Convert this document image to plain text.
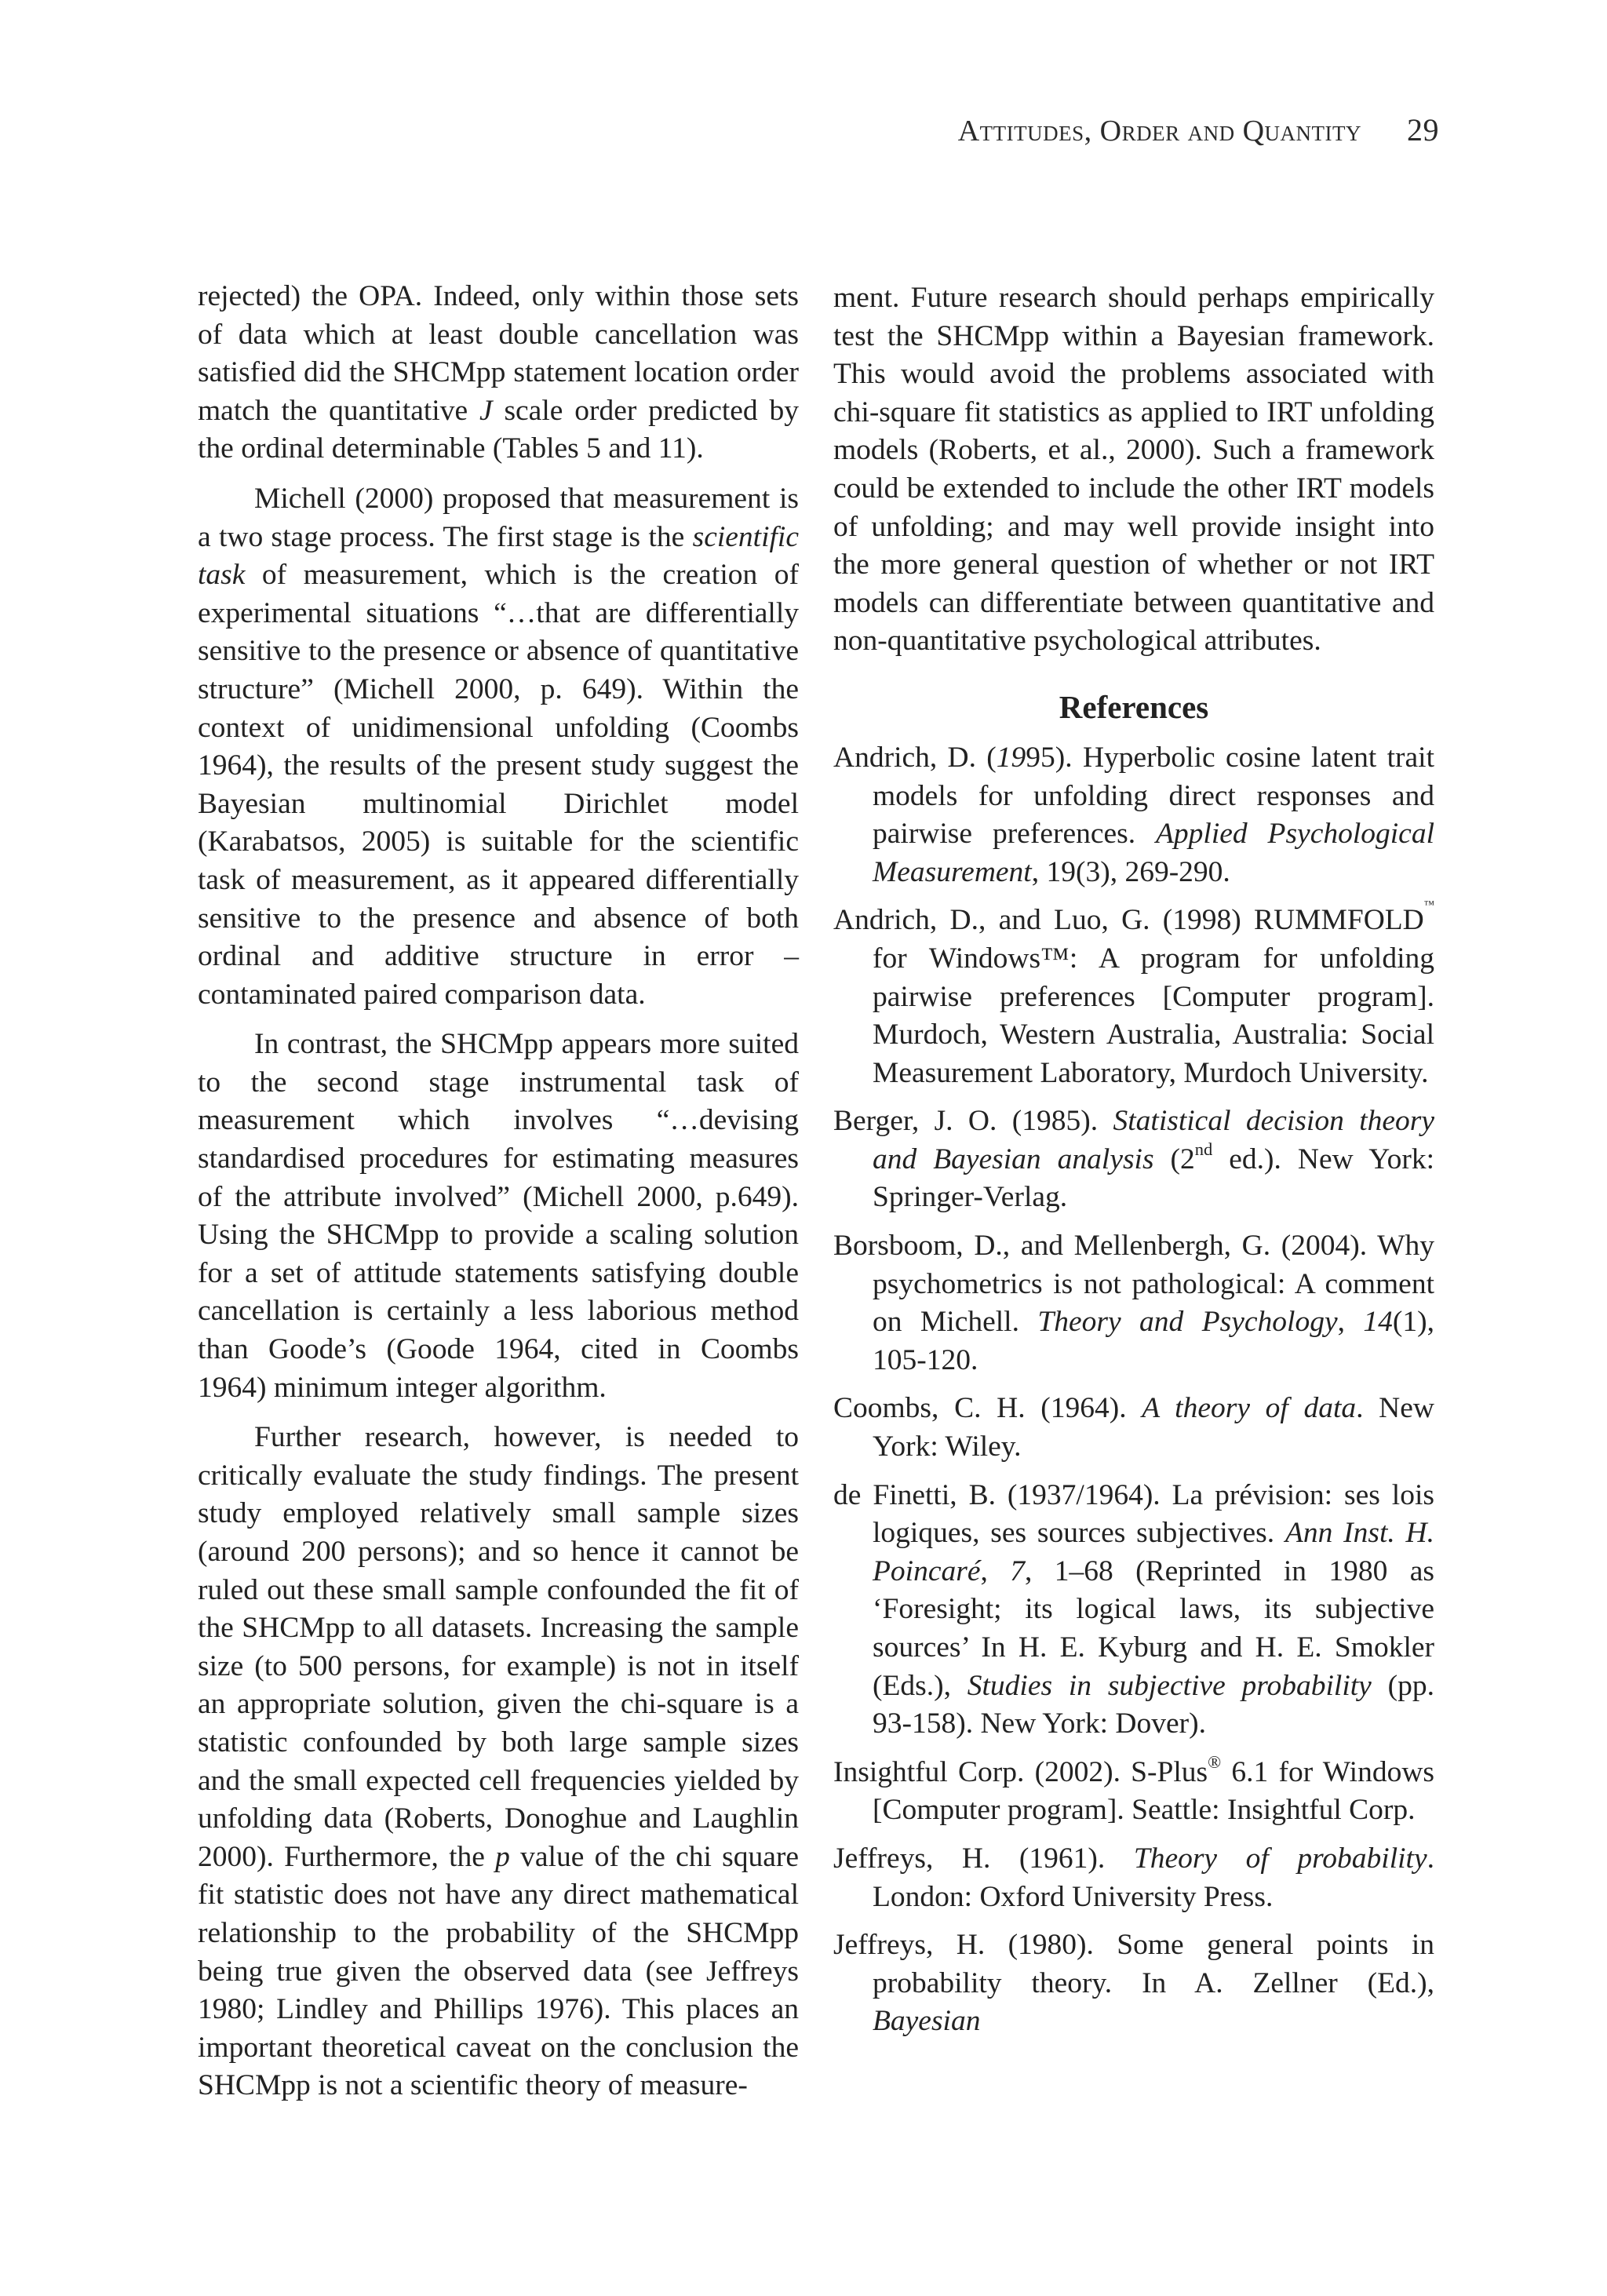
Attitudes, Order and Quantity 29

rejected) the OPA. Indeed, only within those sets of data which at least double cancellation was satisfied did the SHCMpp statement location order match the quantitative J scale order predicted by the ordinal determinable (Tables 5 and 11).

Michell (2000) proposed that measurement is a two stage process. The first stage is the scientific task of measurement, which is the creation of experimental situations “…that are differentially sensitive to the presence or absence of quantitative structure” (Michell 2000, p. 649). Within the context of unidimensional unfolding (Coombs 1964), the results of the present study suggest the Bayesian multinomial Dirichlet model (Karabatsos, 2005) is suitable for the scientific task of measurement, as it appeared differentially sensitive to the presence and absence of both ordinal and additive structure in error – contaminated paired comparison data.

In contrast, the SHCMpp appears more suited to the second stage instrumental task of measurement which involves “…devising standardised procedures for estimating measures of the attribute involved” (Michell 2000, p.649). Using the SHCMpp to provide a scaling solution for a set of attitude statements satisfying double cancellation is certainly a less laborious method than Goode’s (Goode 1964, cited in Coombs 1964) minimum integer algorithm.

Further research, however, is needed to critically evaluate the study findings. The present study employed relatively small sample sizes (around 200 persons); and so hence it cannot be ruled out these small sample confounded the fit of the SHCMpp to all datasets. Increasing the sample size (to 500 persons, for example) is not in itself an appropriate solution, given the chi-square is a statistic confounded by both large sample sizes and the small expected cell frequencies yielded by unfolding data (Roberts, Donoghue and Laughlin 2000). Furthermore, the p value of the chi square fit statistic does not have any direct mathematical relationship to the probability of the SHCMpp being true given the observed data (see Jeffreys 1980; Lindley and Phillips 1976). This places an important theoretical caveat on the conclusion the SHCMpp is not a scientific theory of measure-

ment. Future research should perhaps empirically test the SHCMpp within a Bayesian framework. This would avoid the problems associated with chi-square fit statistics as applied to IRT unfolding models (Roberts, et al., 2000). Such a framework could be extended to include the other IRT models of unfolding; and may well provide insight into the more general question of whether or not IRT models can differentiate between quantitative and non-quantitative psychological attributes.

References

Andrich, D. (1995). Hyperbolic cosine latent trait models for unfolding direct responses and pairwise preferences. Applied Psychological Measurement, 19(3), 269-290.

Andrich, D., and Luo, G. (1998) RUMMFOLD™ for Windows™: A program for unfolding pairwise preferences [Computer program]. Murdoch, Western Australia, Australia: Social Measurement Laboratory, Murdoch University.

Berger, J. O. (1985). Statistical decision theory and Bayesian analysis (2nd ed.). New York: Springer-Verlag.

Borsboom, D., and Mellenbergh, G. (2004). Why psychometrics is not pathological: A comment on Michell. Theory and Psychology, 14(1), 105-120.

Coombs, C. H. (1964). A theory of data. New York: Wiley.

de Finetti, B. (1937/1964). La prévision: ses lois logiques, ses sources subjectives. Ann Inst. H. Poincaré, 7, 1–68 (Reprinted in 1980 as ‘Foresight; its logical laws, its subjective sources’ In H. E. Kyburg and H. E. Smokler (Eds.), Studies in subjective probability (pp. 93-158). New York: Dover).

Insightful Corp. (2002). S-Plus® 6.1 for Windows [Computer program]. Seattle: Insightful Corp.

Jeffreys, H. (1961). Theory of probability. London: Oxford University Press.

Jeffreys, H. (1980). Some general points in probability theory. In A. Zellner (Ed.), Bayesian
